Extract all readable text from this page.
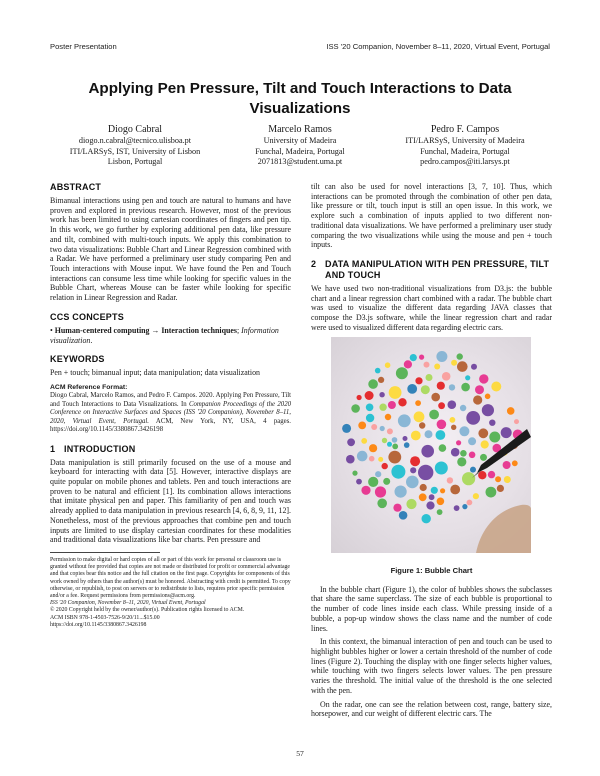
Poster Presentation	ISS '20 Companion, November 8–11, 2020, Virtual Event, Portugal
Applying Pen Pressure, Tilt and Touch Interactions to Data Visualizations
Diogo Cabral
diogo.n.cabral@tecnico.ulisboa.pt
ITI/LARSyS, IST, University of Lisbon
Lisbon, Portugal
Marcelo Ramos
University of Madeira
Funchal, Madeira, Portugal
2071813@student.uma.pt
Pedro F. Campos
ITI/LARSyS, University of Madeira
Funchal, Madeira, Portugal
pedro.campos@iti.larsys.pt
ABSTRACT

Bimanual interactions using pen and touch are natural to humans and have proven and explored in previous research. However, most of the previous work has been limited to using cartesian coordinates of fingers and pen tip. In this work, we go further by exploring additional pen data, like pressure and tilt, combined with multi-touch inputs. We apply this combination to two data visualizations: Bubble Chart and Linear Regression combined with a Radar. We have performed a preliminary user study comparing Pen and Touch interactions with Mouse input. We have found the Pen and Touch interactions can consume less time while looking for specific values in the Bubble Chart, whereas Mouse can be faster while looking for specific relation in Linear Regression and Radar.

CCS CONCEPTS

• Human-centered computing → Interaction techniques; Information visualization.

KEYWORDS

Pen + touch; bimanual input; data manipulation; data visualization

ACM Reference Format:
Diogo Cabral, Marcelo Ramos, and Pedro F. Campos. 2020. Applying Pen Pressure, Tilt and Touch Interactions to Data Visualizations. In Companion Proceedings of the 2020 Conference on Interactive Surfaces and Spaces (ISS '20 Companion), November 8–11, 2020, Virtual Event, Portugal. ACM, New York, NY, USA, 4 pages. https://doi.org/10.1145/3380867.3426198

1 INTRODUCTION

Data manipulation is still primarily focused on the use of a mouse and keyboard for interacting with data [5]. However, interactive displays are quite popular on mobile phones and tablets. Pen and touch interactions are proven to be natural and efficient [1]. Its combination allows interactions that imitate physical pen and paper. This familiarity of pen and touch was already applied to data manipulation in previous research [4, 6, 8, 9, 11, 12]. Nonetheless, most of the previous approaches that combine pen and touch inputs are limited to use display cartesian coordinates for these modalities and traditional data visualizations like bar charts. Pen pressure and

Permission to make digital or hard copies of all or part of this work for personal or classroom use is granted without fee provided that copies are not made or distributed for profit or commercial advantage and that copies bear this notice and the full citation on the first page. Copyrights for components of this work owned by others than the author(s) must be honored. Abstracting with credit is permitted. To copy otherwise, or republish, to post on servers or to redistribute to lists, requires prior specific permission and/or a fee. Request permissions from permissions@acm.org.

ISS '20 Companion, November 8–11, 2020, Virtual Event, Portugal

© 2020 Copyright held by the owner/author(s). Publication rights licensed to ACM.

ACM ISBN 978-1-4503-7526-9/20/11...$15.00

https://doi.org/10.1145/3380867.3426198

tilt can also be used for novel interactions [3, 7, 10]. Thus, which interactions can be promoted through the combination of other pen data, like pressure or tilt, touch input is still an open issue. In this work, we explore such a combination of inputs applied to two different non-traditional data visualizations. We have performed a preliminary user study comparing the two visualizations while using the mouse and pen + touch inputs.

2 DATA MANIPULATION WITH PEN PRESSURE, TILT AND TOUCH

We have used two non-traditional visualizations from D3.js: the bubble chart and a linear regression chart combined with a radar. The bubble chart was used to visualize the different data regarding JAVA classes that compose the D3.js software, while the linear regression chart and radar were used to visualized different data regarding electric cars.

Figure 1: Bubble Chart

In the bubble chart (Figure 1), the color of bubbles shows the subclasses that share the same superclass. The size of each bubble is proportional to the number of code lines inside each class. While pressing inside of a bubble, a pop-up window shows the class name and the number of code lines.

In this context, the bimanual interaction of pen and touch can be used to highlight bubbles higher or lower a certain threshold of the number of code lines (Figure 2). Touching the display with one finger selects higher values, while touching with two fingers selects lower values. The pen pressure varies the threshold. The initial value of the threshold is the one selected with the pen.

On the radar, one can see the relation between cost, range, battery size, horsepower, and cur weight of different electric cars. The

57
